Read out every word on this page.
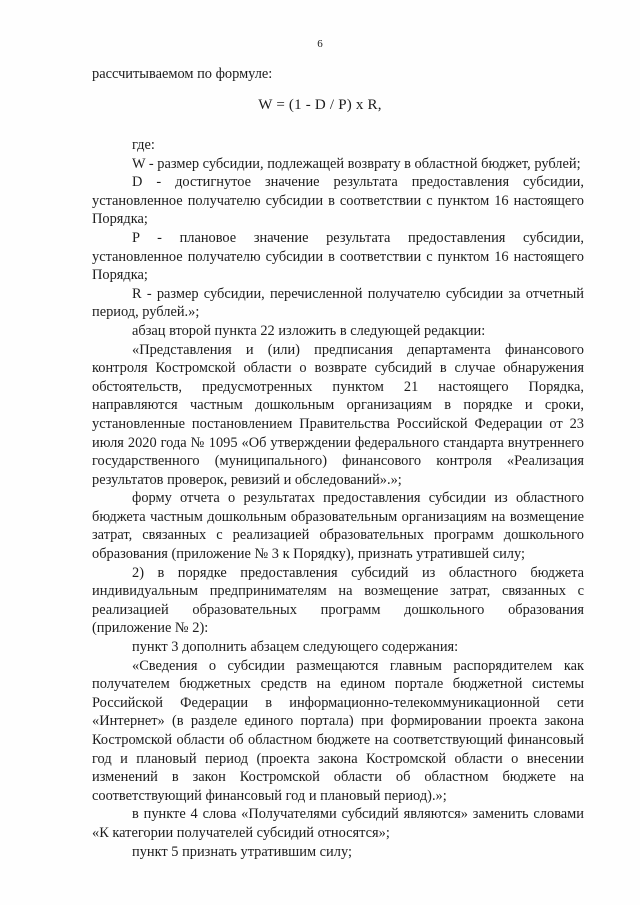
6

рассчитываемом по формуле:

W = (1 - D / P) x R,

где:

W - размер субсидии, подлежащей возврату в областной бюджет, рублей;

D - достигнутое значение результата предоставления субсидии, установленное получателю субсидии в соответствии с пунктом 16 настоящего Порядка;

P - плановое значение результата предоставления субсидии, установленное получателю субсидии в соответствии с пунктом 16 настоящего Порядка;

R - размер субсидии, перечисленной получателю субсидии за отчетный период, рублей.»;

абзац второй пункта 22 изложить в следующей редакции:

«Представления и (или) предписания департамента финансового контроля Костромской области о возврате субсидий в случае обнаружения обстоятельств, предусмотренных пунктом 21 настоящего Порядка, направляются частным дошкольным организациям в порядке и сроки, установленные постановлением Правительства Российской Федерации от 23 июля 2020 года № 1095 «Об утверждении федерального стандарта внутреннего государственного (муниципального) финансового контроля «Реализация результатов проверок, ревизий и обследований».»;

форму отчета о результатах предоставления субсидии из областного бюджета частным дошкольным образовательным организациям на возмещение затрат, связанных с реализацией образовательных программ дошкольного образования (приложение № 3 к Порядку), признать утратившей силу;

2) в порядке предоставления субсидий из областного бюджета индивидуальным предпринимателям на возмещение затрат, связанных с реализацией образовательных программ дошкольного образования (приложение № 2):

пункт 3 дополнить абзацем следующего содержания:

«Сведения о субсидии размещаются главным распорядителем как получателем бюджетных средств на едином портале бюджетной системы Российской Федерации в информационно-телекоммуникационной сети «Интернет» (в разделе единого портала) при формировании проекта закона Костромской области об областном бюджете на соответствующий финансовый год и плановый период (проекта закона Костромской области о внесении изменений в закон Костромской области об областном бюджете на соответствующий финансовый год и плановый период).»;

в пункте 4 слова «Получателями субсидий являются» заменить словами «К категории получателей субсидий относятся»;

пункт 5 признать утратившим силу;
